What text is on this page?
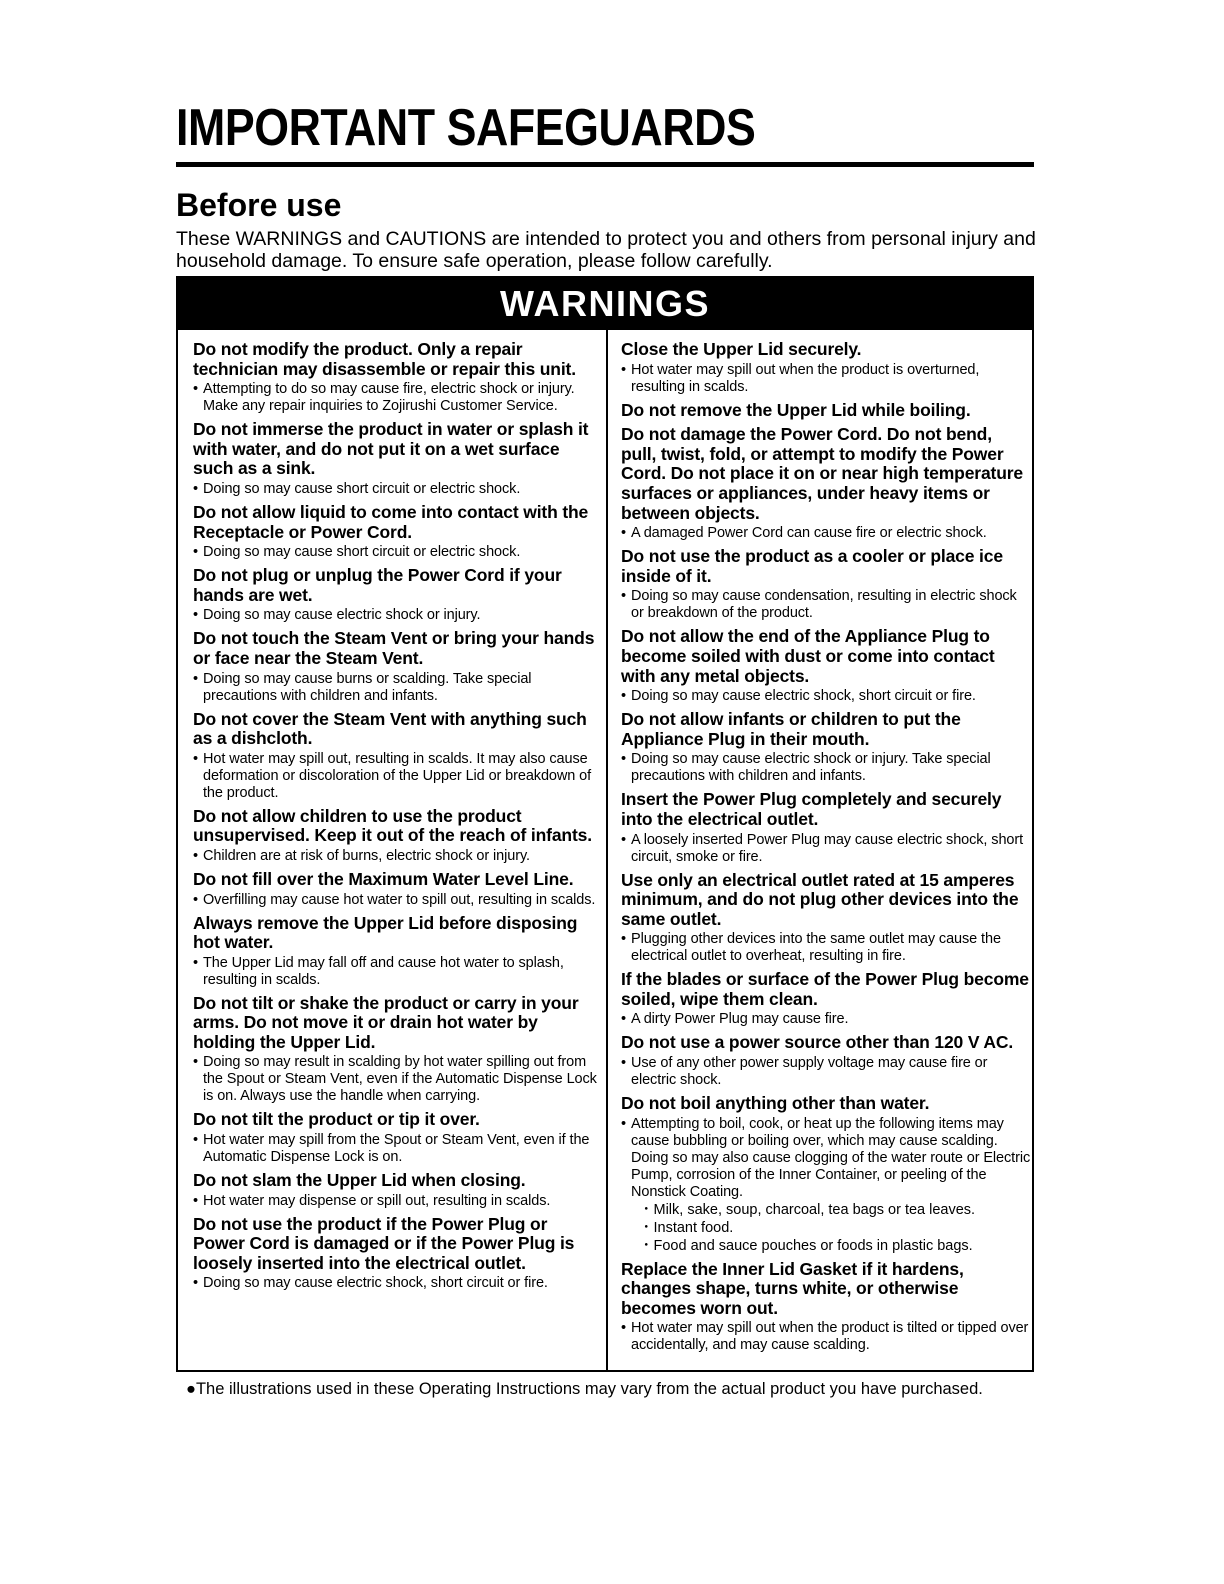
IMPORTANT SAFEGUARDS
Before use

These WARNINGS and CAUTIONS are intended to protect you and others from personal injury and household damage. To ensure safe operation, please follow carefully.

WARNINGS

Do not modify the product. Only a repair technician may disassemble or repair this unit.

• Attempting to do so may cause fire, electric shock or injury. Make any repair inquiries to Zojirushi Customer Service.

Do not immerse the product in water or splash it with water, and do not put it on a wet surface such as a sink.

• Doing so may cause short circuit or electric shock.

Do not allow liquid to come into contact with the Receptacle or Power Cord.

• Doing so may cause short circuit or electric shock.

Do not plug or unplug the Power Cord if your hands are wet.

• Doing so may cause electric shock or injury.

Do not touch the Steam Vent or bring your hands or face near the Steam Vent.

• Doing so may cause burns or scalding. Take special precautions with children and infants.

Do not cover the Steam Vent with anything such as a dishcloth.

• Hot water may spill out, resulting in scalds. It may also cause deformation or discoloration of the Upper Lid or breakdown of the product.

Do not allow children to use the product unsupervised. Keep it out of the reach of infants.

• Children are at risk of burns, electric shock or injury.

Do not fill over the Maximum Water Level Line.

• Overfilling may cause hot water to spill out, resulting in scalds.

Always remove the Upper Lid before disposing hot water.

• The Upper Lid may fall off and cause hot water to splash, resulting in scalds.

Do not tilt or shake the product or carry in your arms. Do not move it or drain hot water by holding the Upper Lid.

• Doing so may result in scalding by hot water spilling out from the Spout or Steam Vent, even if the Automatic Dispense Lock is on. Always use the handle when carrying.

Do not tilt the product or tip it over.

• Hot water may spill from the Spout or Steam Vent, even if the Automatic Dispense Lock is on.

Do not slam the Upper Lid when closing.

• Hot water may dispense or spill out, resulting in scalds.

Do not use the product if the Power Plug or Power Cord is damaged or if the Power Plug is loosely inserted into the electrical outlet.

• Doing so may cause electric shock, short circuit or fire.

Close the Upper Lid securely.

• Hot water may spill out when the product is overturned, resulting in scalds.

Do not remove the Upper Lid while boiling.

Do not damage the Power Cord. Do not bend, pull, twist, fold, or attempt to modify the Power Cord. Do not place it on or near high temperature surfaces or appliances, under heavy items or between objects.

• A damaged Power Cord can cause fire or electric shock.

Do not use the product as a cooler or place ice inside of it.

• Doing so may cause condensation, resulting in electric shock or breakdown of the product.

Do not allow the end of the Appliance Plug to become soiled with dust or come into contact with any metal objects.

• Doing so may cause electric shock, short circuit or fire.

Do not allow infants or children to put the Appliance Plug in their mouth.

• Doing so may cause electric shock or injury. Take special precautions with children and infants.

Insert the Power Plug completely and securely into the electrical outlet.

• A loosely inserted Power Plug may cause electric shock, short circuit, smoke or fire.

Use only an electrical outlet rated at 15 amperes minimum, and do not plug other devices into the same outlet.

• Plugging other devices into the same outlet may cause the electrical outlet to overheat, resulting in fire.

If the blades or surface of the Power Plug become soiled, wipe them clean.

• A dirty Power Plug may cause fire.

Do not use a power source other than 120 V AC.

• Use of any other power supply voltage may cause fire or electric shock.

Do not boil anything other than water.

• Attempting to boil, cook, or heat up the following items may cause bubbling or boiling over, which may cause scalding. Doing so may also cause clogging of the water route or Electric Pump, corrosion of the Inner Container, or peeling of the Nonstick Coating.

・Milk, sake, soup, charcoal, tea bags or tea leaves.
・Instant food.
・Food and sauce pouches or foods in plastic bags.

Replace the Inner Lid Gasket if it hardens, changes shape, turns white, or otherwise becomes worn out.

• Hot water may spill out when the product is tilted or tipped over accidentally, and may cause scalding.

●The illustrations used in these Operating Instructions may vary from the actual product you have purchased.
